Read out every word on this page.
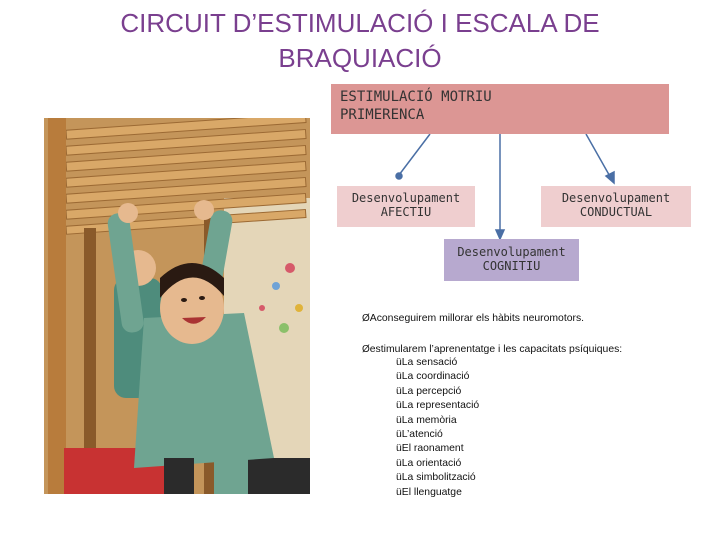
CIRCUIT D’ESTIMULACIÓ I ESCALA DE
BRAQUIACIÓ
ESTIMULACIÓ MOTRIU
PRIMERENCA
Desenvolupament
AFECTIU
Desenvolupament
CONDUCTUAL
Desenvolupament
COGNITIU

ØAconseguirem millorar els hàbits neuromotors.

Øestimularem l’aprenentatge i les capacitats psíquiques:

üLa sensació
üLa coordinació
üLa percepció
üLa representació
üLa memòria
üL’atenció
üEl raonament
üLa orientació
üLa simbolització
üEl llenguatge
